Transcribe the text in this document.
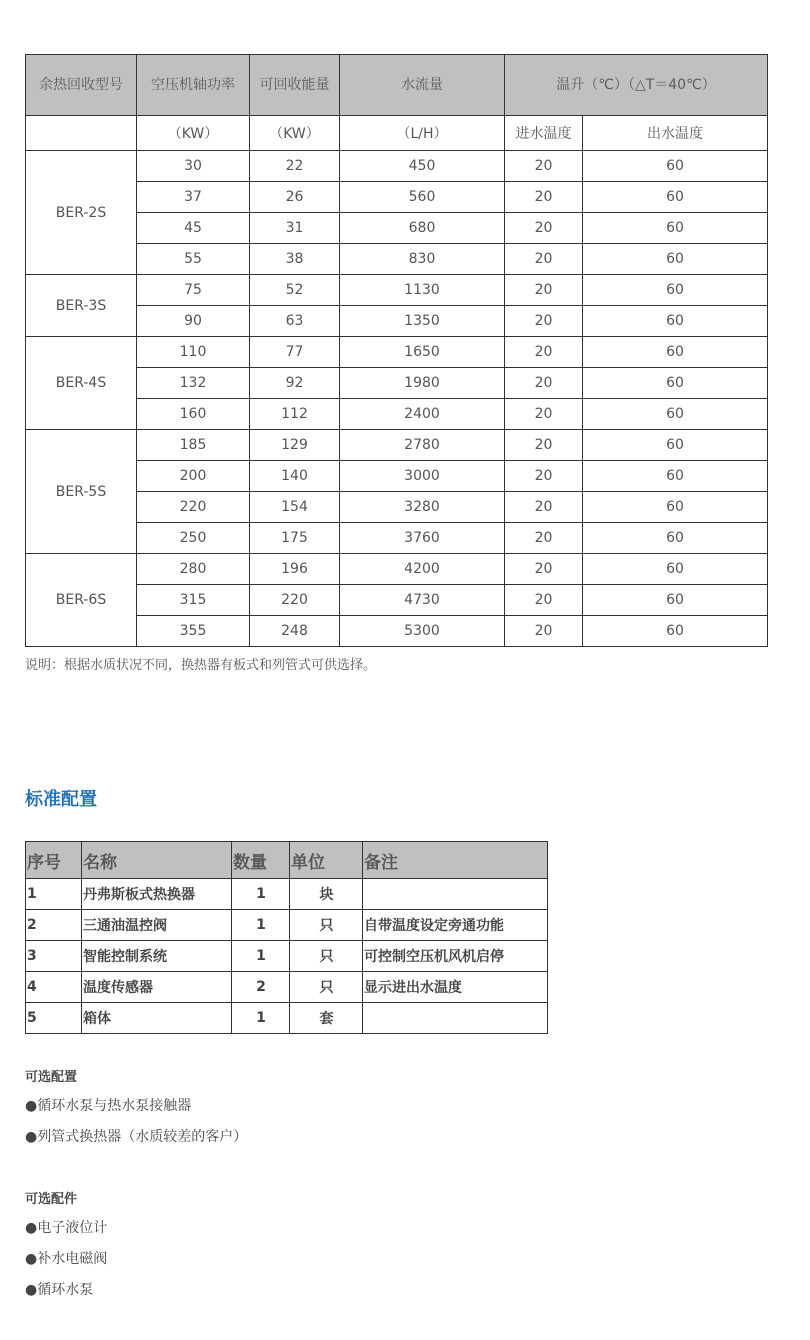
余热回收型号	空压机轴功率	可回收能量	水流量	温升（℃）（△T＝40℃）	
	（KW）	（KW）	（L/H）	进水温度	出水温度
BER-2S	30	22	450	20	60
	37	26	560	20	60
	45	31	680	20	60
	55	38	830	20	60
BER-3S	75	52	1130	20	60
	90	63	1350	20	60
BER-4S	110	77	1650	20	60
	132	92	1980	20	60
	160	112	2400	20	60
BER-5S	185	129	2780	20	60
	200	140	3000	20	60
	220	154	3280	20	60
	250	175	3760	20	60
BER-6S	280	196	4200	20	60
	315	220	4730	20	60
	355	248	5300	20	60
说明：根据水质状况不同，换热器有板式和列管式可供选择。
标准配置
序号	名称	数量	单位	备注
1	丹弗斯板式热换器	1	块	
2	三通油温控阀	1	只	自带温度设定旁通功能
3	智能控制系统	1	只	可控制空压机风机启停
4	温度传感器	2	只	显示进出水温度
5	箱体	1	套	
可选配置
●循环水泵与热水泵接触器
●列管式换热器（水质较差的客户）
可选配件
●电子液位计
●补水电磁阀
●循环水泵
